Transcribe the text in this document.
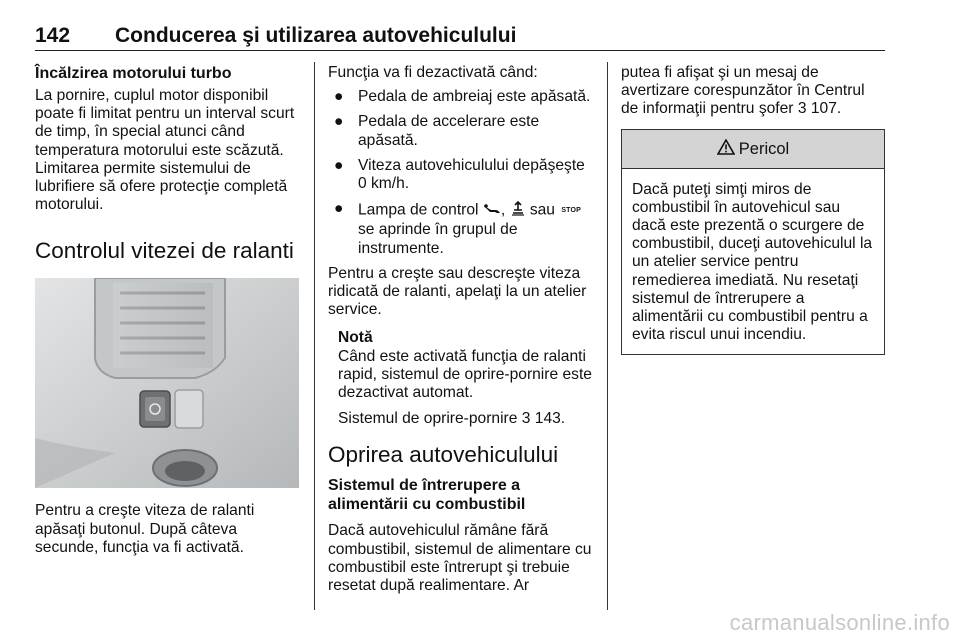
142 Conducerea şi utilizarea autovehiculului
Încălzirea motorului turbo

La pornire, cuplul motor disponibil poate fi limitat pentru un interval scurt de timp, în special atunci când temperatura motorului este scăzută. Limitarea permite sistemului de lubrifiere să ofere protecţie completă motorului.

Controlul vitezei de ralanti

Pentru a creşte viteza de ralanti apăsaţi butonul. După câteva secunde, funcţia va fi activată.

Funcţia va fi dezactivată când:

● Pedala de ambreiaj este apăsată.
● Pedala de accelerare este apăsată.
● Viteza autovehiculului depăşeşte 0 km/h.
● Lampa de control ,  sau STOP
se aprinde în grupul de instrumente.

Pentru a creşte sau descreşte viteza ridicată de ralanti, apelaţi la un atelier service.

Notă

Când este activată funcţia de ralanti rapid, sistemul de oprire-pornire este dezactivat automat.

Sistemul de oprire-pornire 3 143.

Oprirea autovehiculului
Sistemul de întrerupere a alimentării cu combustibil

Dacă autovehiculul rămâne fără combustibil, sistemul de alimentare cu combustibil este întrerupt şi trebuie resetat după realimentare. Ar

putea fi afişat şi un mesaj de avertizare corespunzător în Centrul de informaţii pentru şofer 3 107.

Pericol
Dacă puteţi simţi miros de combustibil în autovehicul sau dacă este prezentă o scurgere de combustibil, duceţi autovehiculul la un atelier service pentru remedierea imediată. Nu resetaţi sistemul de întrerupere a alimentării cu combustibil pentru a evita riscul unui incendiu.
carmanualsonline.info
